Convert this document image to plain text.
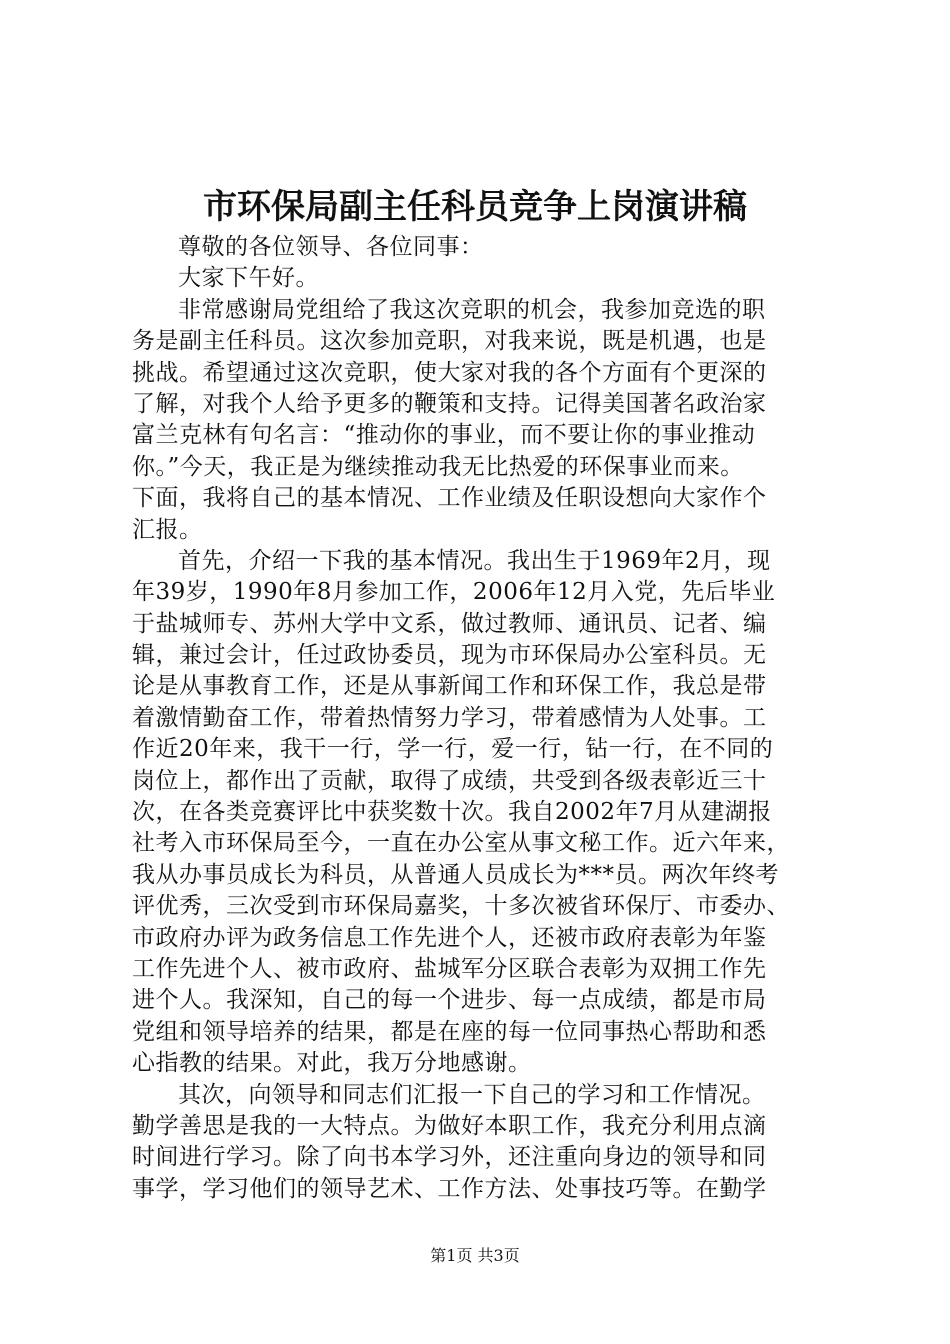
市环保局副主任科员竞争上岗演讲稿
尊敬的各位领导、各位同事：
大家下午好。
非常感谢局党组给了我这次竞职的机会，我参加竞选的职
务是副主任科员。这次参加竞职，对我来说，既是机遇，也是
挑战。希望通过这次竞职，使大家对我的各个方面有个更深的
了解，对我个人给予更多的鞭策和支持。记得美国著名政治家
富兰克林有句名言：“推动你的事业，而不要让你的事业推动
你。”今天，我正是为继续推动我无比热爱的环保事业而来。
下面，我将自己的基本情况、工作业绩及任职设想向大家作个
汇报。
首先，介绍一下我的基本情况。我出生于1969年2月，现
年39岁，1990年8月参加工作，2006年12月入党，先后毕业
于盐城师专、苏州大学中文系，做过教师、通讯员、记者、编
辑，兼过会计，任过政协委员，现为市环保局办公室科员。无
论是从事教育工作，还是从事新闻工作和环保工作，我总是带
着激情勤奋工作，带着热情努力学习，带着感情为人处事。工
作近20年来，我干一行，学一行，爱一行，钻一行，在不同的
岗位上，都作出了贡献，取得了成绩，共受到各级表彰近三十
次，在各类竞赛评比中获奖数十次。我自2002年7月从建湖报
社考入市环保局至今，一直在办公室从事文秘工作。近六年来，
我从办事员成长为科员，从普通人员成长为***员。两次年终考
评优秀，三次受到市环保局嘉奖，十多次被省环保厅、市委办、
市政府办评为政务信息工作先进个人，还被市政府表彰为年鉴
工作先进个人、被市政府、盐城军分区联合表彰为双拥工作先
进个人。我深知，自己的每一个进步、每一点成绩，都是市局
党组和领导培养的结果，都是在座的每一位同事热心帮助和悉
心指教的结果。对此，我万分地感谢。
其次，向领导和同志们汇报一下自己的学习和工作情况。
勤学善思是我的一大特点。为做好本职工作，我充分利用点滴
时间进行学习。除了向书本学习外，还注重向身边的领导和同
事学，学习他们的领导艺术、工作方法、处事技巧等。在勤学
第1页 共3页
